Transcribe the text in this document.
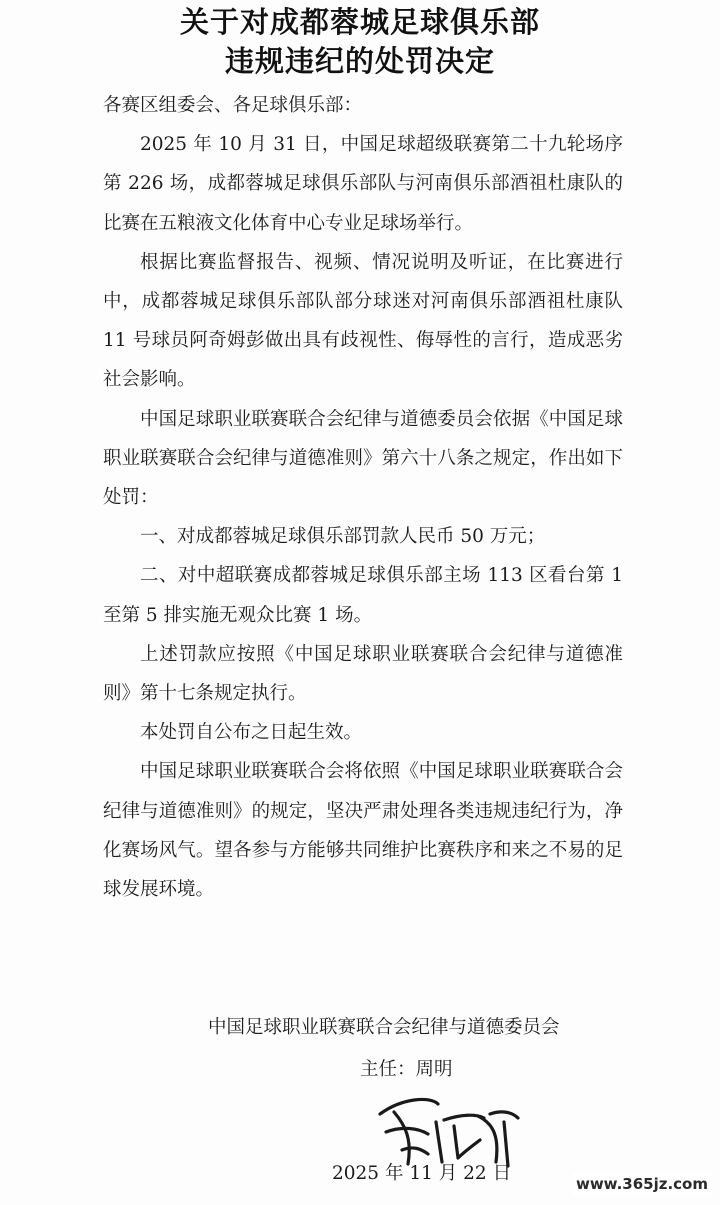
关于对成都蓉城足球俱乐部
违规违纪的处罚决定

各赛区组委会、各足球俱乐部：

2025 年 10 月 31 日，中国足球超级联赛第二十九轮场序第 226 场，成都蓉城足球俱乐部队与河南俱乐部酒祖杜康队的比赛在五粮液文化体育中心专业足球场举行。

根据比赛监督报告、视频、情况说明及听证，在比赛进行中，成都蓉城足球俱乐部队部分球迷对河南俱乐部酒祖杜康队 11 号球员阿奇姆彭做出具有歧视性、侮辱性的言行，造成恶劣社会影响。

中国足球职业联赛联合会纪律与道德委员会依据《中国足球职业联赛联合会纪律与道德准则》第六十八条之规定，作出如下处罚：

一、对成都蓉城足球俱乐部罚款人民币 50 万元；

二、对中超联赛成都蓉城足球俱乐部主场 113 区看台第 1 至第 5 排实施无观众比赛 1 场。

上述罚款应按照《中国足球职业联赛联合会纪律与道德准则》第十七条规定执行。

本处罚自公布之日起生效。

中国足球职业联赛联合会将依照《中国足球职业联赛联合会纪律与道德准则》的规定，坚决严肃处理各类违规违纪行为，净化赛场风气。望各参与方能够共同维护比赛秩序和来之不易的足球发展环境。

中国足球职业联赛联合会纪律与道德委员会
主任：周明
2025 年 11 月 22 日	www.365jz.com
